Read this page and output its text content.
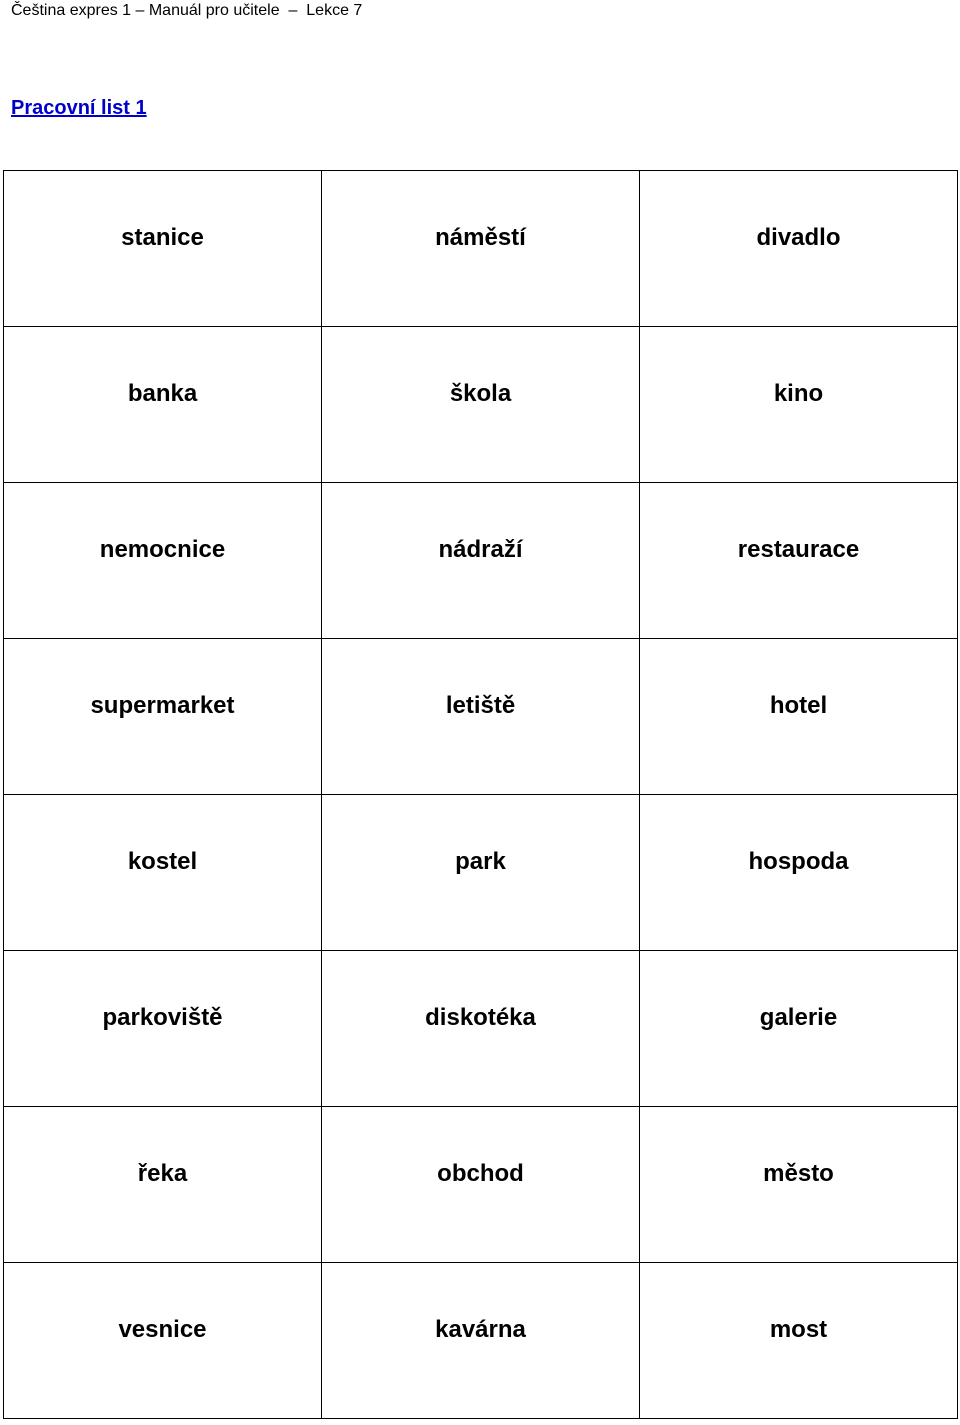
Čeština expres 1 – Manuál pro učitele  –  Lekce 7
Pracovní list 1
stanice	náměstí	divadlo

banka	škola	kino

nemocnice	nádraží	restaurace

supermarket	letiště	hotel

kostel	park	hospoda

parkoviště	diskotéka	galerie

řeka	obchod	město

vesnice	kavárna	most
